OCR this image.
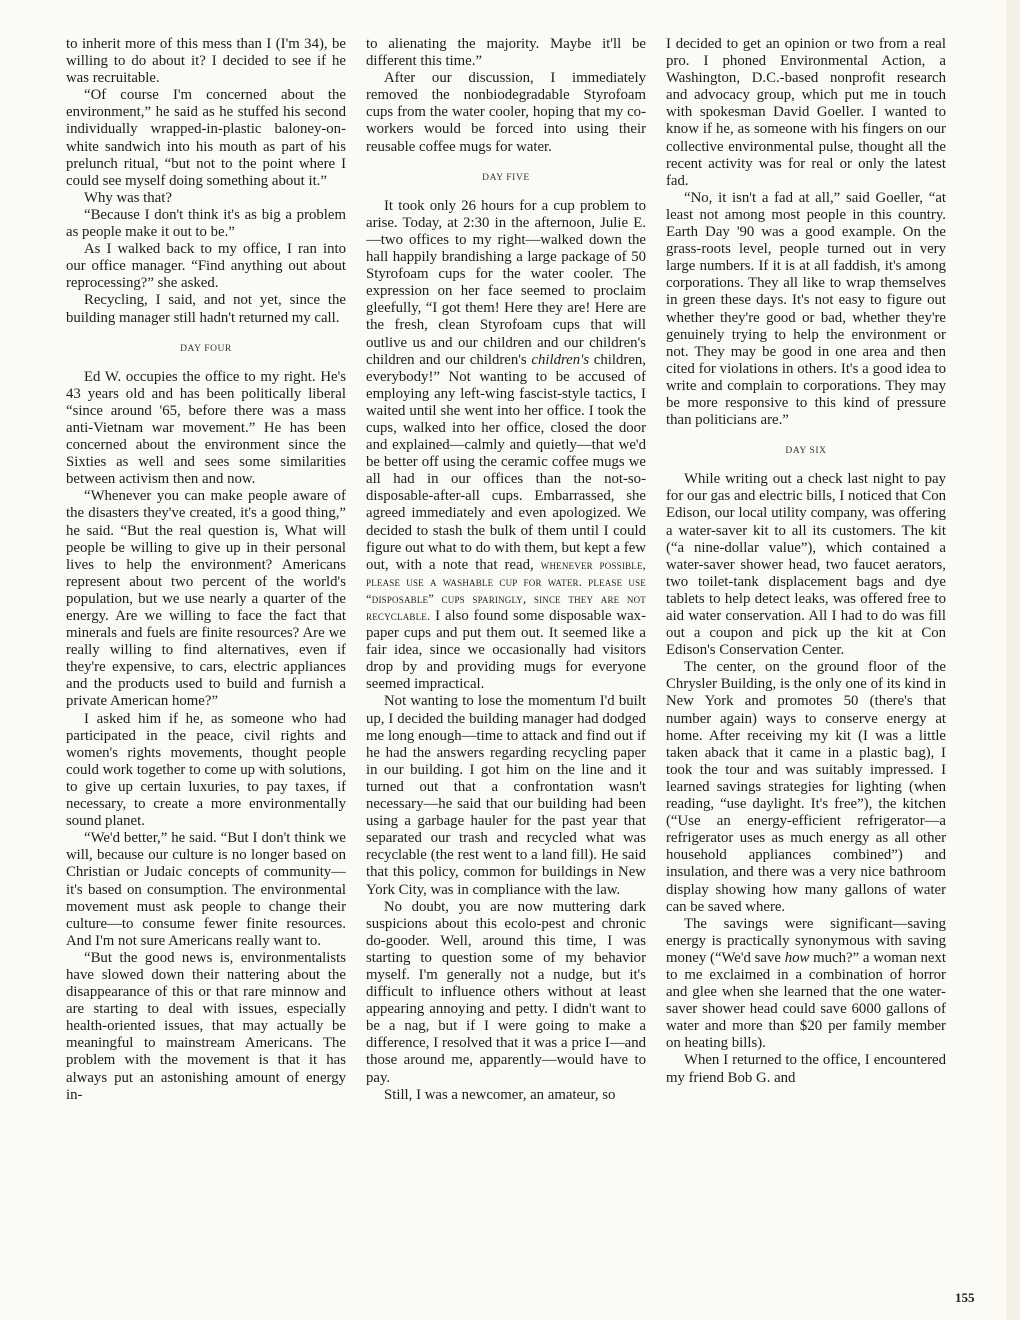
to inherit more of this mess than I (I'm 34), be willing to do about it? I decided to see if he was recruitable.

“Of course I'm concerned about the environment,” he said as he stuffed his second individually wrapped-in-plastic baloney-on-white sandwich into his mouth as part of his prelunch ritual, “but not to the point where I could see myself doing something about it.”

Why was that?

“Because I don't think it's as big a problem as people make it out to be.”

As I walked back to my office, I ran into our office manager. “Find anything out about reprocessing?” she asked.

Recycling, I said, and not yet, since the building manager still hadn't returned my call.

DAY FOUR

Ed W. occupies the office to my right. He's 43 years old and has been politically liberal “since around '65, before there was a mass anti-Vietnam war movement.” He has been concerned about the environment since the Sixties as well and sees some similarities between activism then and now.

“Whenever you can make people aware of the disasters they've created, it's a good thing,” he said. “But the real question is, What will people be willing to give up in their personal lives to help the environment? Americans represent about two percent of the world's population, but we use nearly a quarter of the energy. Are we willing to face the fact that minerals and fuels are finite resources? Are we really willing to find alternatives, even if they're expensive, to cars, electric appliances and the products used to build and furnish a private American home?”

I asked him if he, as someone who had participated in the peace, civil rights and women's rights movements, thought people could work together to come up with solutions, to give up certain luxuries, to pay taxes, if necessary, to create a more environmentally sound planet.

“We'd better,” he said. “But I don't think we will, because our culture is no longer based on Christian or Judaic concepts of community—it's based on consumption. The environmental movement must ask people to change their culture—to consume fewer finite resources. And I'm not sure Americans really want to.

“But the good news is, environmentalists have slowed down their nattering about the disappearance of this or that rare minnow and are starting to deal with issues, especially health-oriented issues, that may actually be meaningful to mainstream Americans. The problem with the movement is that it has always put an astonishing amount of energy in-

to alienating the majority. Maybe it'll be different this time.”

After our discussion, I immediately removed the nonbiodegradable Styrofoam cups from the water cooler, hoping that my co-workers would be forced into using their reusable coffee mugs for water.

DAY FIVE

It took only 26 hours for a cup problem to arise. Today, at 2:30 in the afternoon, Julie E.—two offices to my right—walked down the hall happily brandishing a large package of 50 Styrofoam cups for the water cooler. The expression on her face seemed to proclaim gleefully, “I got them! Here they are! Here are the fresh, clean Styrofoam cups that will outlive us and our children and our children's children and our children's children's children, everybody!” Not wanting to be accused of employing any left-wing fascist-style tactics, I waited until she went into her office. I took the cups, walked into her office, closed the door and explained—calmly and quietly—that we'd be better off using the ceramic coffee mugs we all had in our offices than the not-so-disposable-after-all cups. Embarrassed, she agreed immediately and even apologized. We decided to stash the bulk of them until I could figure out what to do with them, but kept a few out, with a note that read, whenever possible, please use a washable cup for water. please use “disposable” cups sparingly, since they are not recyclable. I also found some disposable wax-paper cups and put them out. It seemed like a fair idea, since we occasionally had visitors drop by and providing mugs for everyone seemed impractical.

Not wanting to lose the momentum I'd built up, I decided the building manager had dodged me long enough—time to attack and find out if he had the answers regarding recycling paper in our building. I got him on the line and it turned out that a confrontation wasn't necessary—he said that our building had been using a garbage hauler for the past year that separated our trash and recycled what was recyclable (the rest went to a land fill). He said that this policy, common for buildings in New York City, was in compliance with the law.

No doubt, you are now muttering dark suspicions about this ecolo-pest and chronic do-gooder. Well, around this time, I was starting to question some of my behavior myself. I'm generally not a nudge, but it's difficult to influence others without at least appearing annoying and petty. I didn't want to be a nag, but if I were going to make a difference, I resolved that it was a price I—and those around me, apparently—would have to pay.

Still, I was a newcomer, an amateur, so

I decided to get an opinion or two from a real pro. I phoned Environmental Action, a Washington, D.C.-based nonprofit research and advocacy group, which put me in touch with spokesman David Goeller. I wanted to know if he, as someone with his fingers on our collective environmental pulse, thought all the recent activity was for real or only the latest fad.

“No, it isn't a fad at all,” said Goeller, “at least not among most people in this country. Earth Day '90 was a good example. On the grass-roots level, people turned out in very large numbers. If it is at all faddish, it's among corporations. They all like to wrap themselves in green these days. It's not easy to figure out whether they're good or bad, whether they're genuinely trying to help the environment or not. They may be good in one area and then cited for violations in others. It's a good idea to write and complain to corporations. They may be more responsive to this kind of pressure than politicians are.”

DAY SIX

While writing out a check last night to pay for our gas and electric bills, I noticed that Con Edison, our local utility company, was offering a water-saver kit to all its customers. The kit (“a nine-dollar value”), which contained a water-saver shower head, two faucet aerators, two toilet-tank displacement bags and dye tablets to help detect leaks, was offered free to aid water conservation. All I had to do was fill out a coupon and pick up the kit at Con Edison's Conservation Center.

The center, on the ground floor of the Chrysler Building, is the only one of its kind in New York and promotes 50 (there's that number again) ways to conserve energy at home. After receiving my kit (I was a little taken aback that it came in a plastic bag), I took the tour and was suitably impressed. I learned savings strategies for lighting (when reading, “use daylight. It's free”), the kitchen (“Use an energy-efficient refrigerator—a refrigerator uses as much energy as all other household appliances combined”) and insulation, and there was a very nice bathroom display showing how many gallons of water can be saved where.

The savings were significant—saving energy is practically synonymous with saving money (“We'd save how much?” a woman next to me exclaimed in a combination of horror and glee when she learned that the one water-saver shower head could save 6000 gallons of water and more than $20 per family member on heating bills).

When I returned to the office, I encountered my friend Bob G. and

155
